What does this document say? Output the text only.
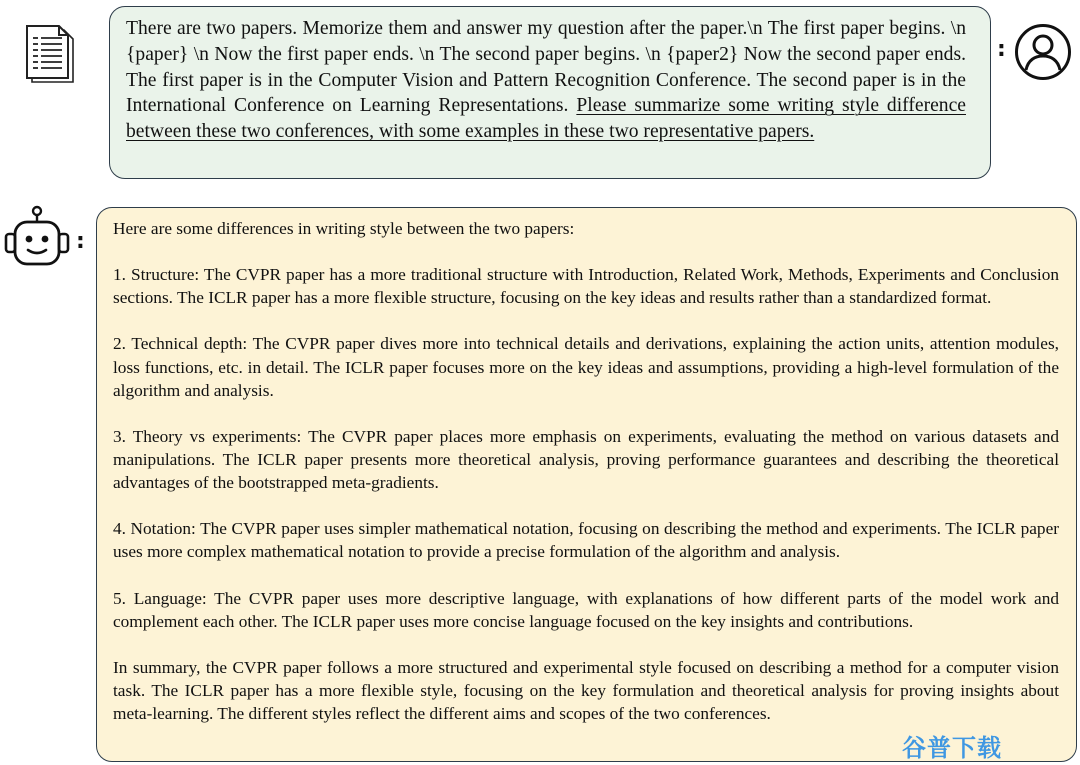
There are two papers. Memorize them and answer my question after the paper.\n The first paper begins. \n {paper} \n Now the first paper ends. \n The second paper begins. \n {paper2} Now the second paper ends. The first paper is in the Computer Vision and Pattern Recognition Conference. The second paper is in the International Conference on Learning Representations. Please summarize some writing style difference between these two conferences, with some examples in these two representative papers.

:
:

Here are some differences in writing style between the two papers:

1. Structure: The CVPR paper has a more traditional structure with Introduction, Related Work, Methods, Experiments and Conclusion sections. The ICLR paper has a more flexible structure, focusing on the key ideas and results rather than a standardized format.

2. Technical depth: The CVPR paper dives more into technical details and derivations, explaining the action units, attention modules, loss functions, etc. in detail. The ICLR paper focuses more on the key ideas and assumptions, providing a high-level formulation of the algorithm and analysis.

3. Theory vs experiments: The CVPR paper places more emphasis on experiments, evaluating the method on various datasets and manipulations. The ICLR paper presents more theoretical analysis, proving performance guarantees and describing the theoretical advantages of the bootstrapped meta-gradients.

4. Notation: The CVPR paper uses simpler mathematical notation, focusing on describing the method and experiments. The ICLR paper uses more complex mathematical notation to provide a precise formulation of the algorithm and analysis.

5. Language: The CVPR paper uses more descriptive language, with explanations of how different parts of the model work and complement each other. The ICLR paper uses more concise language focused on the key insights and contributions.

In summary, the CVPR paper follows a more structured and experimental style focused on describing a method for a computer vision task. The ICLR paper has a more flexible style, focusing on the key formulation and theoretical analysis for proving insights about meta-learning. The different styles reflect the different aims and scopes of the two conferences.

谷普下载
